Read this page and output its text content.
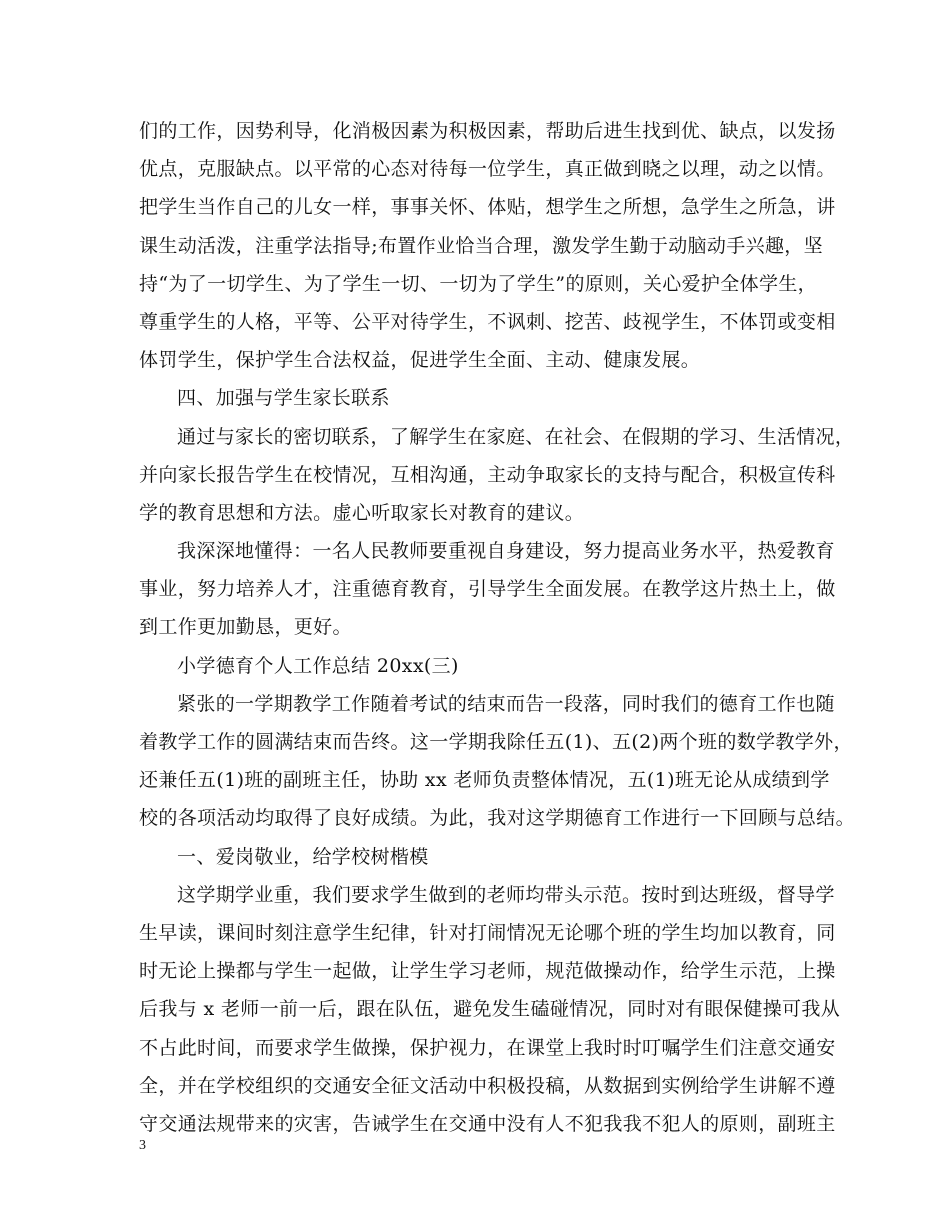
们的工作，因势利导，化消极因素为积极因素，帮助后进生找到优、缺点，以发扬
优点，克服缺点。以平常的心态对待每一位学生，真正做到晓之以理，动之以情。
把学生当作自己的儿女一样，事事关怀、体贴，想学生之所想，急学生之所急，讲
课生动活泼，注重学法指导;布置作业恰当合理，激发学生勤于动脑动手兴趣，坚
持“为了一切学生、为了学生一切、一切为了学生”的原则，关心爱护全体学生，
尊重学生的人格，平等、公平对待学生，不讽刺、挖苦、歧视学生，不体罚或变相
体罚学生，保护学生合法权益，促进学生全面、主动、健康发展。
四、加强与学生家长联系
通过与家长的密切联系，了解学生在家庭、在社会、在假期的学习、生活情况，
并向家长报告学生在校情况，互相沟通，主动争取家长的支持与配合，积极宣传科
学的教育思想和方法。虚心听取家长对教育的建议。
我深深地懂得：一名人民教师要重视自身建设，努力提高业务水平，热爱教育
事业，努力培养人才，注重德育教育，引导学生全面发展。在教学这片热土上，做
到工作更加勤恳，更好。
小学德育个人工作总结 20xx(三)
紧张的一学期教学工作随着考试的结束而告一段落，同时我们的德育工作也随
着教学工作的圆满结束而告终。这一学期我除任五(1)、五(2)两个班的数学教学外，
还兼任五(1)班的副班主任，协助 xx 老师负责整体情况，五(1)班无论从成绩到学
校的各项活动均取得了良好成绩。为此，我对这学期德育工作进行一下回顾与总结。
一、爱岗敬业，给学校树楷模
这学期学业重，我们要求学生做到的老师均带头示范。按时到达班级，督导学
生早读，课间时刻注意学生纪律，针对打闹情况无论哪个班的学生均加以教育，同
时无论上操都与学生一起做，让学生学习老师，规范做操动作，给学生示范，上操
后我与 x 老师一前一后，跟在队伍，避免发生磕碰情况，同时对有眼保健操可我从
不占此时间，而要求学生做操，保护视力，在课堂上我时时叮嘱学生们注意交通安
全，并在学校组织的交通安全征文活动中积极投稿，从数据到实例给学生讲解不遵
守交通法规带来的灾害，告诫学生在交通中没有人不犯我我不犯人的原则，副班主
3
